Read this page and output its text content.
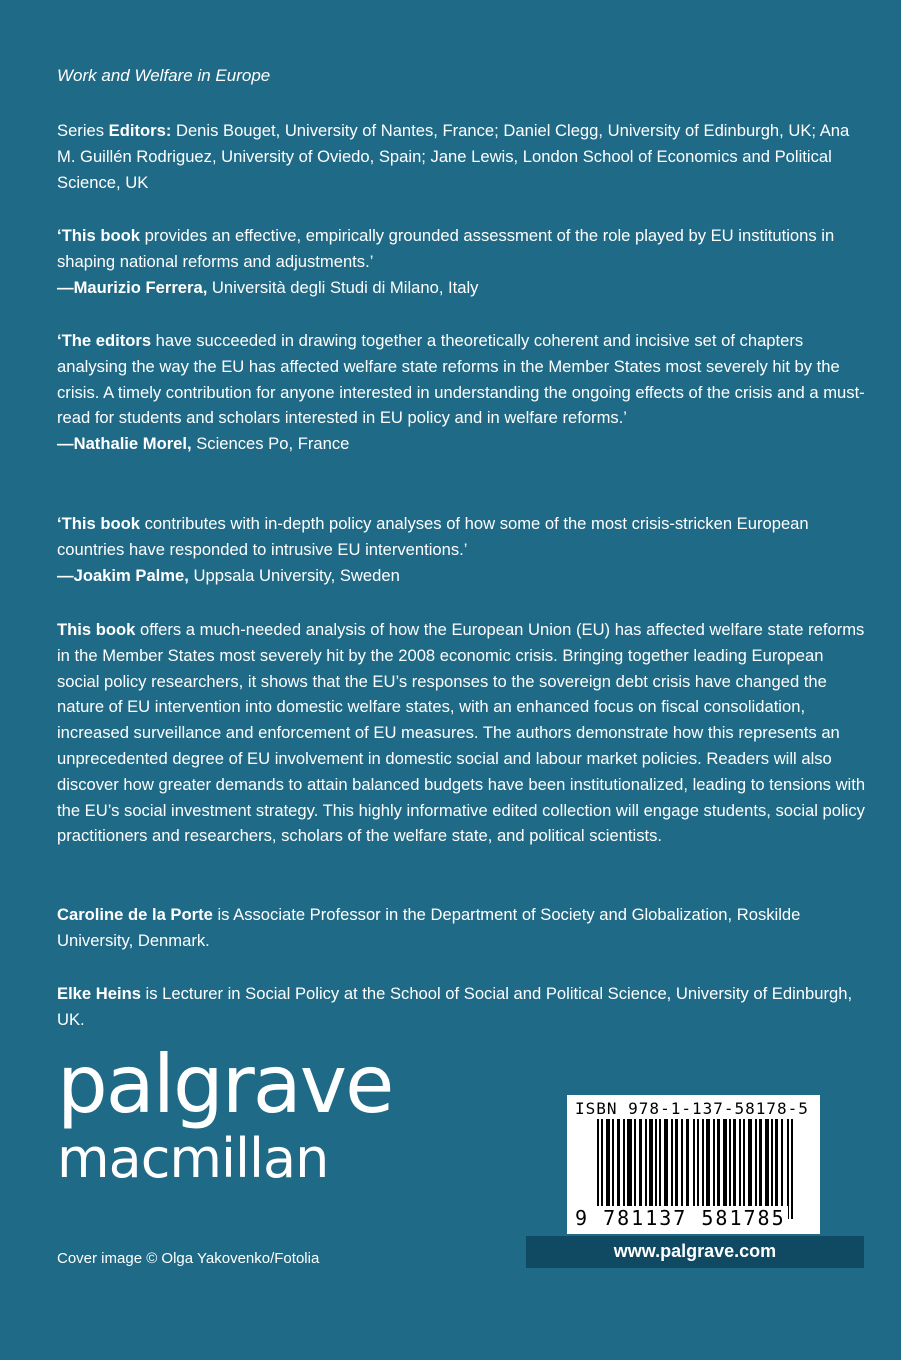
Work and Welfare in Europe
Series Editors: Denis Bouget, University of Nantes, France; Daniel Clegg, University of Edinburgh, UK; Ana M. Guillén Rodriguez, University of Oviedo, Spain; Jane Lewis, London School of Economics and Political Science, UK
‘This book provides an effective, empirically grounded assessment of the role played by EU institutions in shaping national reforms and adjustments.’
—Maurizio Ferrera, Università degli Studi di Milano, Italy
‘The editors have succeeded in drawing together a theoretically coherent and incisive set of chapters analysing the way the EU has affected welfare state reforms in the Member States most severely hit by the crisis. A timely contribution for anyone interested in understanding the ongoing effects of the crisis and a must-read for students and scholars interested in EU policy and in welfare reforms.’
—Nathalie Morel, Sciences Po, France
‘This book contributes with in-depth policy analyses of how some of the most crisis-stricken European countries have responded to intrusive EU interventions.’
—Joakim Palme, Uppsala University, Sweden
This book offers a much-needed analysis of how the European Union (EU) has affected welfare state reforms in the Member States most severely hit by the 2008 economic crisis. Bringing together leading European social policy researchers, it shows that the EU’s responses to the sovereign debt crisis have changed the nature of EU intervention into domestic welfare states, with an enhanced focus on fiscal consolidation, increased surveillance and enforcement of EU measures. The authors demonstrate how this represents an unprecedented degree of EU involvement in domestic social and labour market policies. Readers will also discover how greater demands to attain balanced budgets have been institutionalized, leading to tensions with the EU’s social investment strategy. This highly informative edited collection will engage students, social policy practitioners and researchers, scholars of the welfare state, and political scientists.
Caroline de la Porte is Associate Professor in the Department of Society and Globalization, Roskilde University, Denmark.
Elke Heins is Lecturer in Social Policy at the School of Social and Political Science, University of Edinburgh, UK.
palgrave
macmillan
Cover image © Olga Yakovenko/Fotolia
ISBN 978-1-137-58178-5
9 781137 581785
www.palgrave.com
